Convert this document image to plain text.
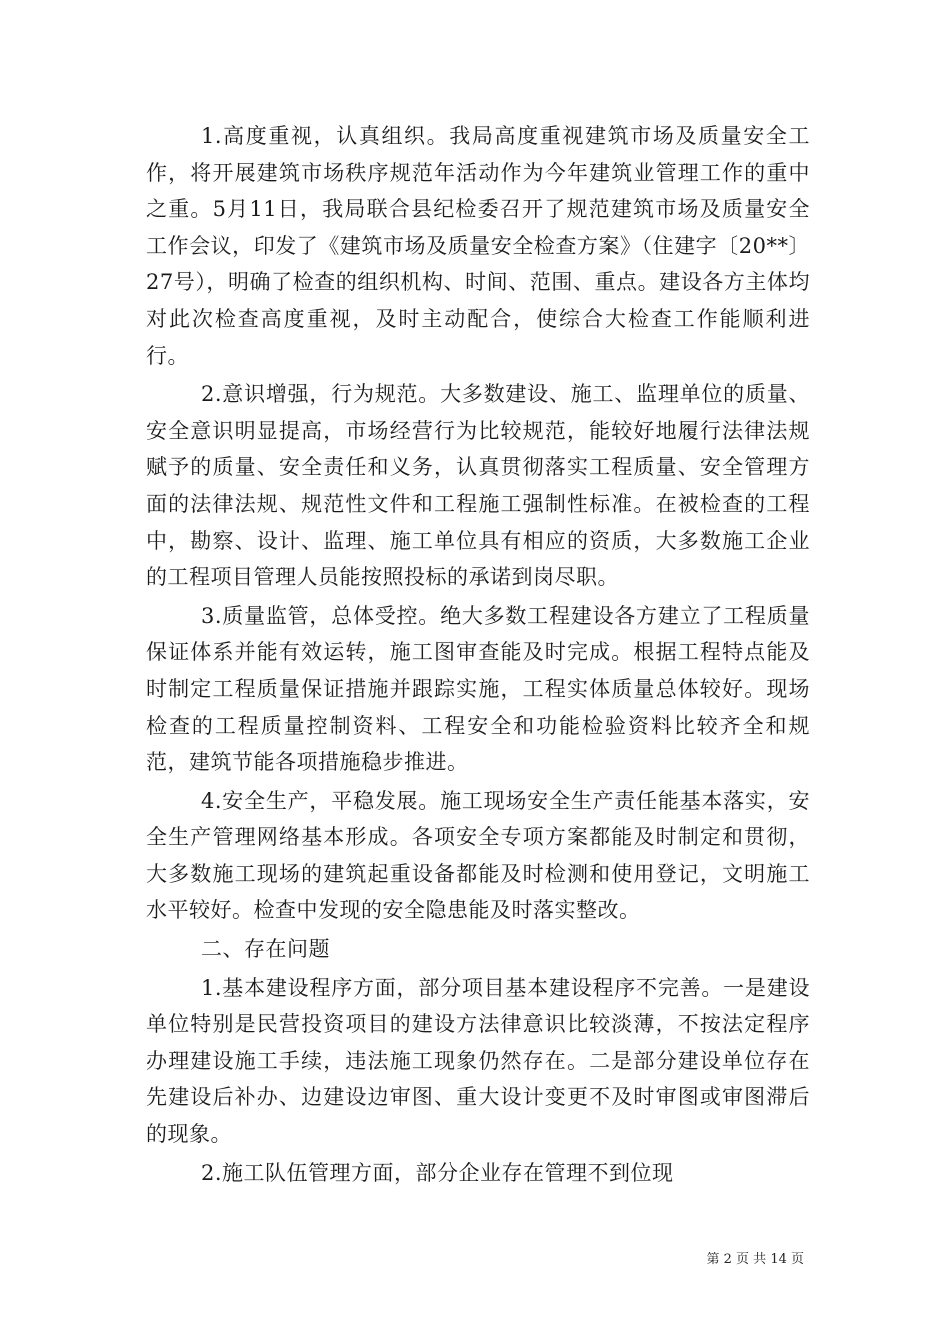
1.高度重视，认真组织。我局高度重视建筑市场及质量安全工作，将开展建筑市场秩序规范年活动作为今年建筑业管理工作的重中之重。5月11日，我局联合县纪检委召开了规范建筑市场及质量安全工作会议，印发了《建筑市场及质量安全检查方案》（住建字〔20**〕27号），明确了检查的组织机构、时间、范围、重点。建设各方主体均对此次检查高度重视，及时主动配合，使综合大检查工作能顺利进行。

2.意识增强，行为规范。大多数建设、施工、监理单位的质量、安全意识明显提高，市场经营行为比较规范，能较好地履行法律法规赋予的质量、安全责任和义务，认真贯彻落实工程质量、安全管理方面的法律法规、规范性文件和工程施工强制性标准。在被检查的工程中，勘察、设计、监理、施工单位具有相应的资质，大多数施工企业的工程项目管理人员能按照投标的承诺到岗尽职。

3.质量监管，总体受控。绝大多数工程建设各方建立了工程质量保证体系并能有效运转，施工图审查能及时完成。根据工程特点能及时制定工程质量保证措施并跟踪实施，工程实体质量总体较好。现场检查的工程质量控制资料、工程安全和功能检验资料比较齐全和规范，建筑节能各项措施稳步推进。

4.安全生产，平稳发展。施工现场安全生产责任能基本落实，安全生产管理网络基本形成。各项安全专项方案都能及时制定和贯彻，大多数施工现场的建筑起重设备都能及时检测和使用登记，文明施工水平较好。检查中发现的安全隐患能及时落实整改。

二、存在问题

1.基本建设程序方面，部分项目基本建设程序不完善。一是建设单位特别是民营投资项目的建设方法律意识比较淡薄，不按法定程序办理建设施工手续，违法施工现象仍然存在。二是部分建设单位存在先建设后补办、边建设边审图、重大设计变更不及时审图或审图滞后的现象。

2.施工队伍管理方面，部分企业存在管理不到位现

第 2 页 共 14 页
